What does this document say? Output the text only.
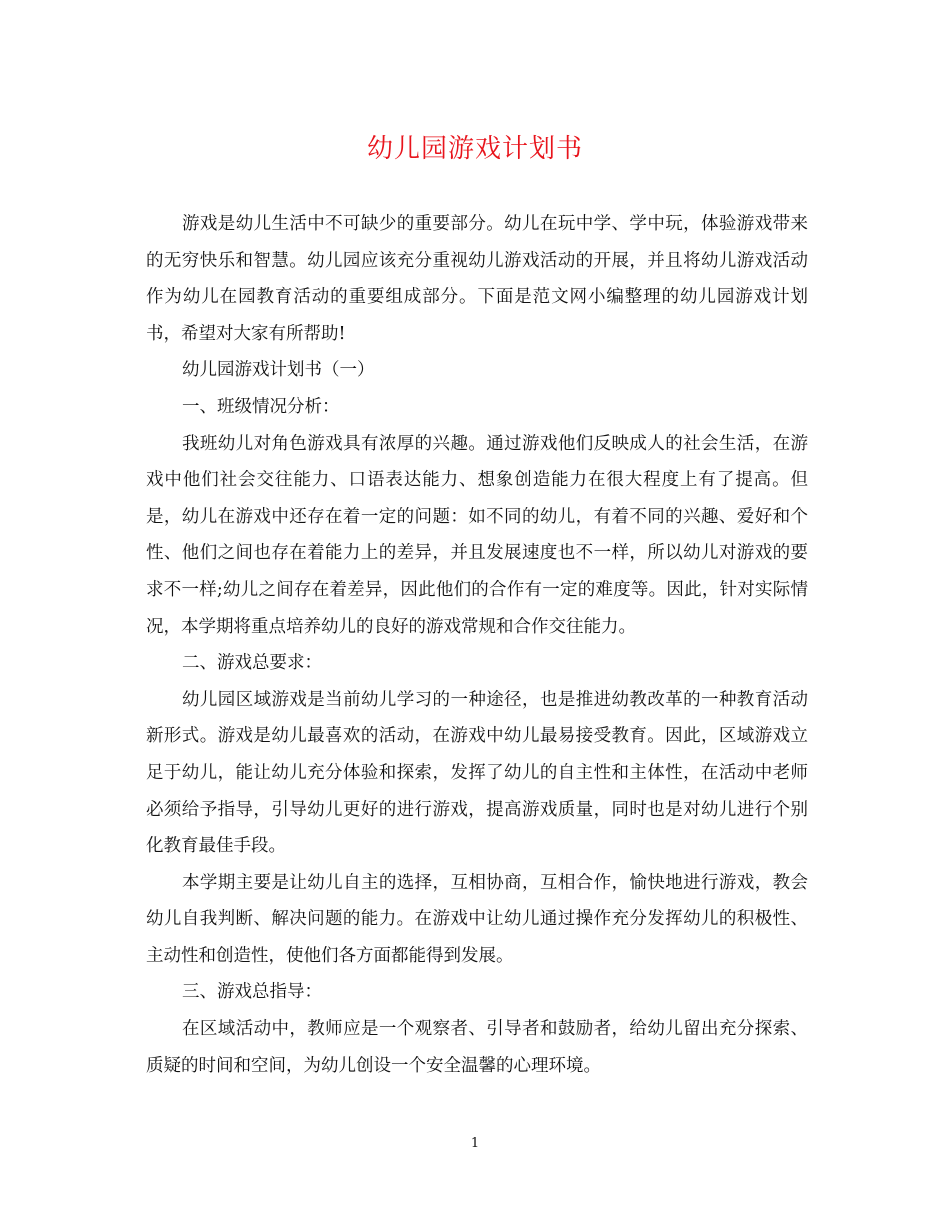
幼儿园游戏计划书

游戏是幼儿生活中不可缺少的重要部分。幼儿在玩中学、学中玩，体验游戏带来的无穷快乐和智慧。幼儿园应该充分重视幼儿游戏活动的开展，并且将幼儿游戏活动作为幼儿在园教育活动的重要组成部分。下面是范文网小编整理的幼儿园游戏计划书，希望对大家有所帮助!

幼儿园游戏计划书（一）

一、班级情况分析：

我班幼儿对角色游戏具有浓厚的兴趣。通过游戏他们反映成人的社会生活，在游戏中他们社会交往能力、口语表达能力、想象创造能力在很大程度上有了提高。但是，幼儿在游戏中还存在着一定的问题：如不同的幼儿，有着不同的兴趣、爱好和个性、他们之间也存在着能力上的差异，并且发展速度也不一样，所以幼儿对游戏的要求不一样;幼儿之间存在着差异，因此他们的合作有一定的难度等。因此，针对实际情况，本学期将重点培养幼儿的良好的游戏常规和合作交往能力。

二、游戏总要求：

幼儿园区域游戏是当前幼儿学习的一种途径，也是推进幼教改革的一种教育活动新形式。游戏是幼儿最喜欢的活动，在游戏中幼儿最易接受教育。因此，区域游戏立足于幼儿，能让幼儿充分体验和探索，发挥了幼儿的自主性和主体性，在活动中老师必须给予指导，引导幼儿更好的进行游戏，提高游戏质量，同时也是对幼儿进行个别化教育最佳手段。

本学期主要是让幼儿自主的选择，互相协商，互相合作，愉快地进行游戏，教会幼儿自我判断、解决问题的能力。在游戏中让幼儿通过操作充分发挥幼儿的积极性、主动性和创造性，使他们各方面都能得到发展。

三、游戏总指导：

在区域活动中，教师应是一个观察者、引导者和鼓励者，给幼儿留出充分探索、质疑的时间和空间，为幼儿创设一个安全温馨的心理环境。

1
